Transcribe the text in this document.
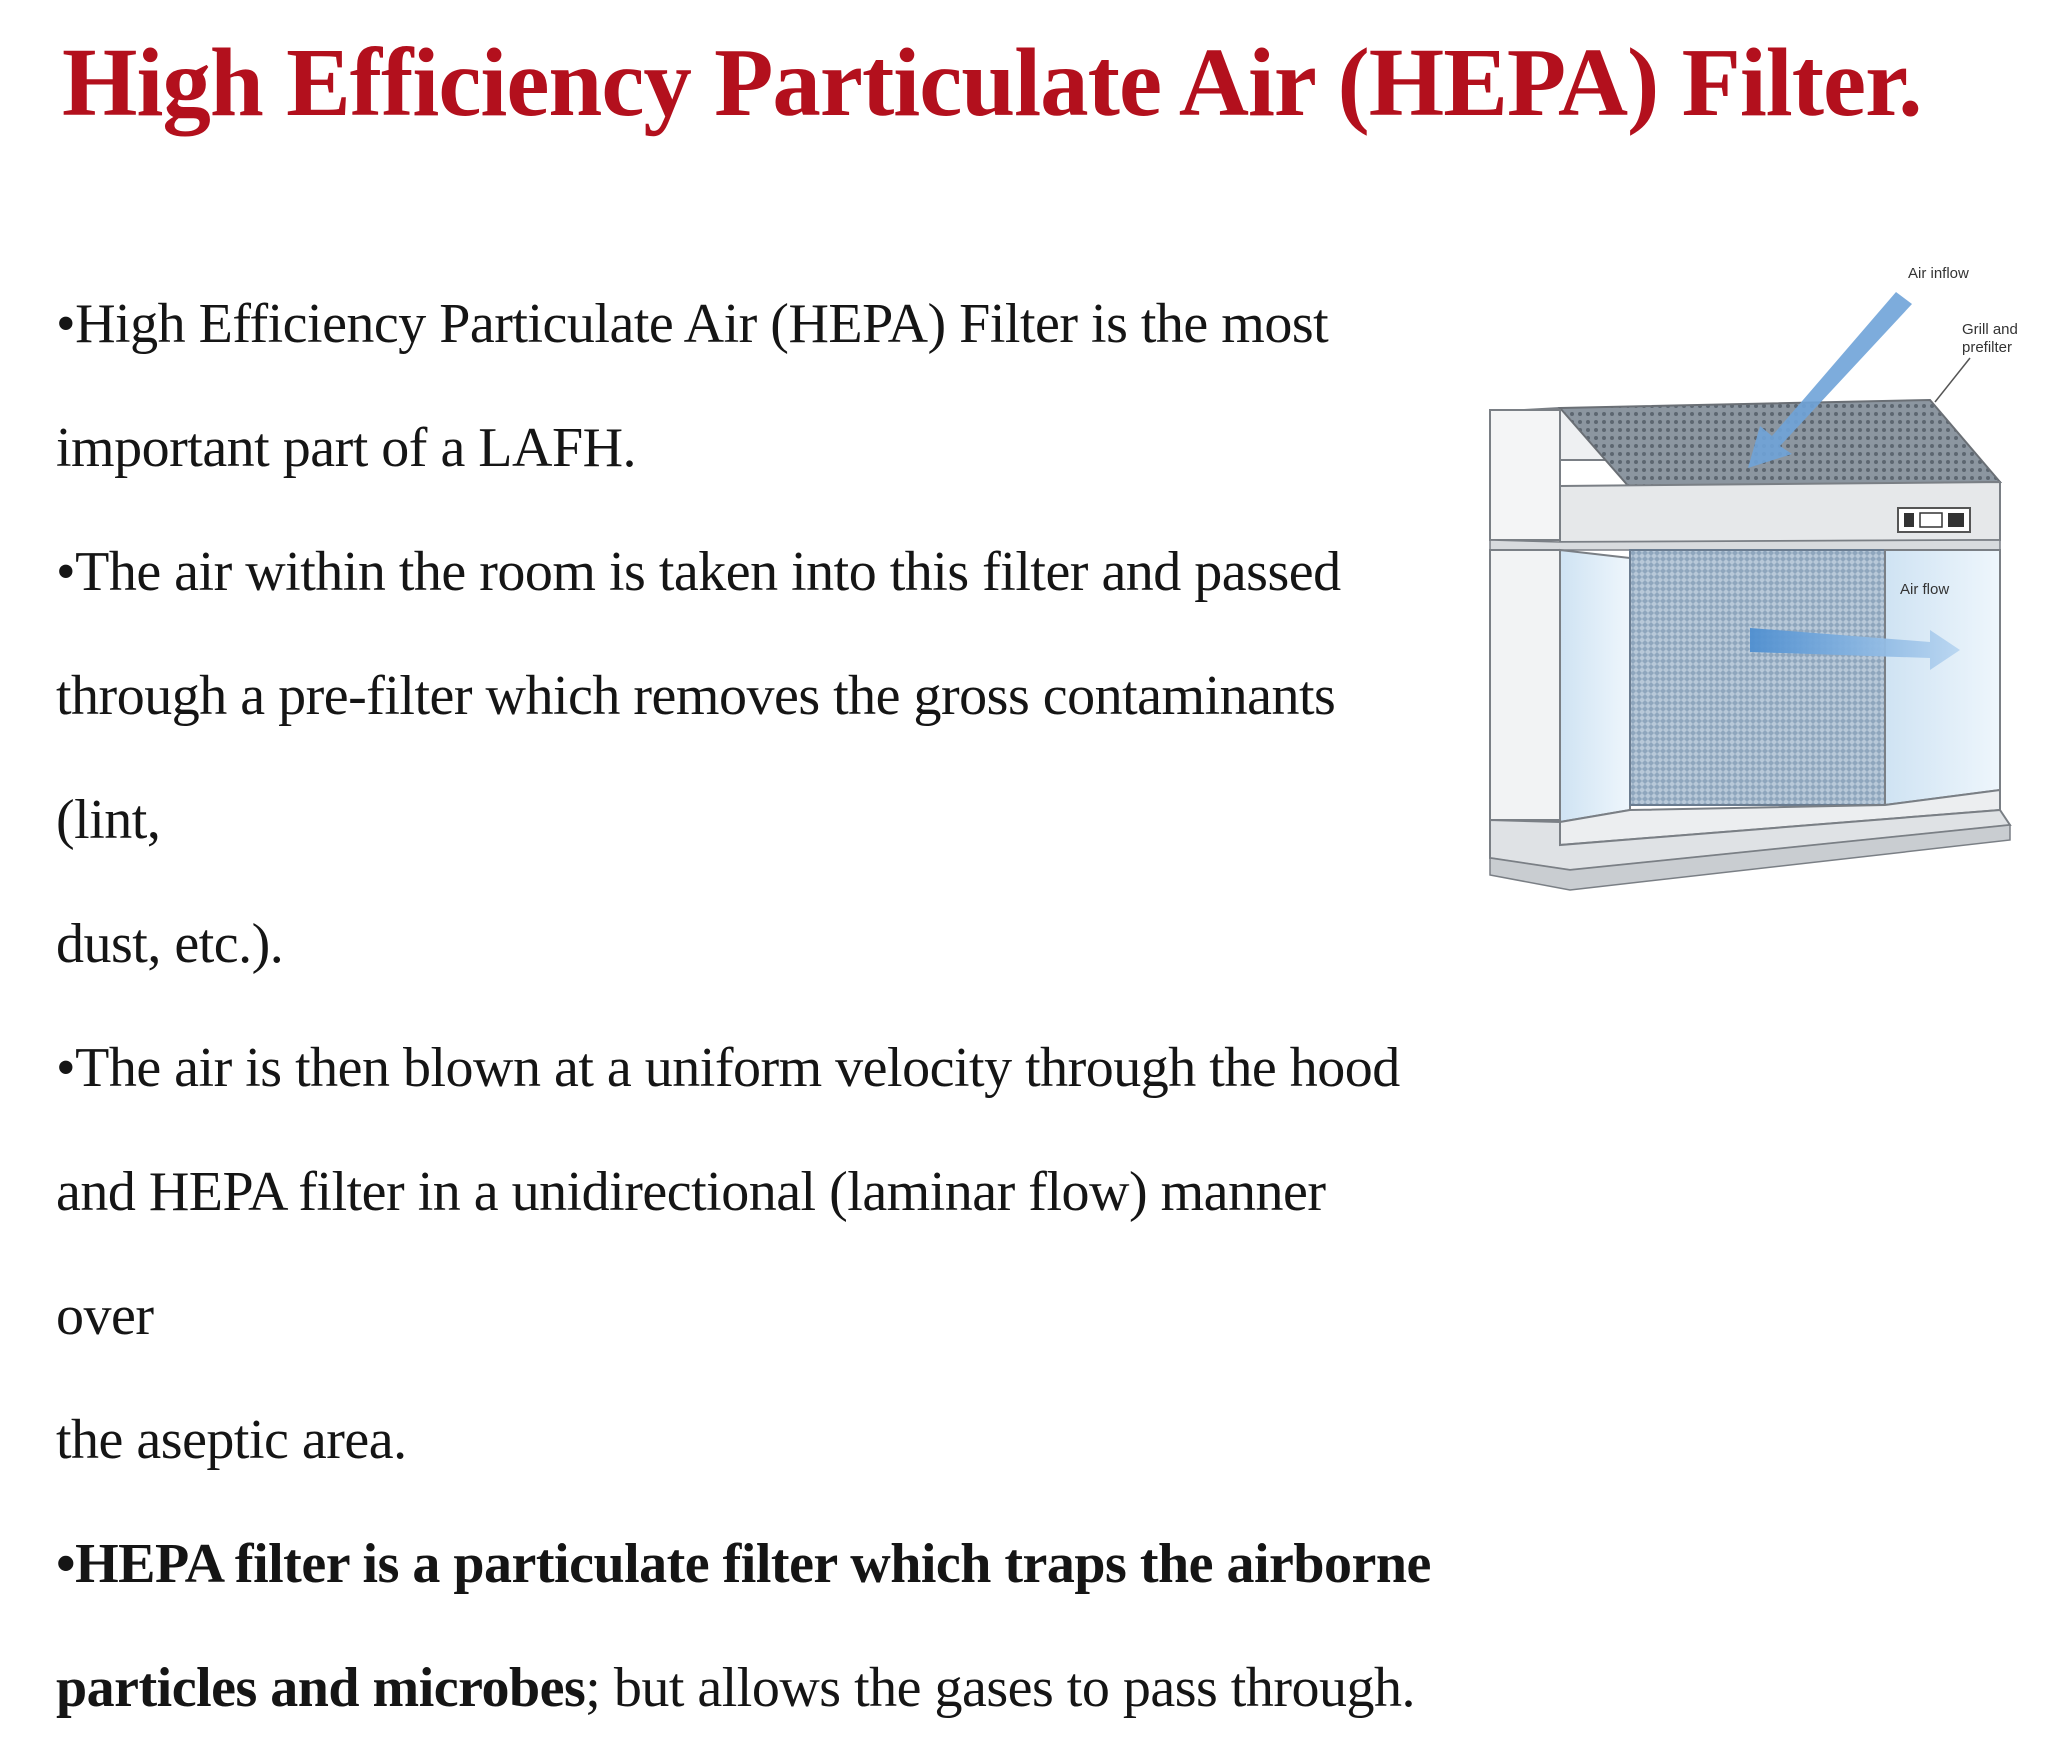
High Efficiency Particulate Air (HEPA) Filter.

•High Efficiency Particulate Air (HEPA) Filter is the most
important part of a LAFH.

•The air within the room is taken into this filter and passed
through a pre-filter which removes the gross contaminants (lint,
dust, etc.).

•The air is then blown at a uniform velocity through the hood
and HEPA filter in a unidirectional (laminar flow) manner over
the aseptic area.

•HEPA filter is a particulate filter which traps the airborne
particles and microbes; but allows the gases to pass through.

Air inflow
Grill and
prefilter
Air flow
